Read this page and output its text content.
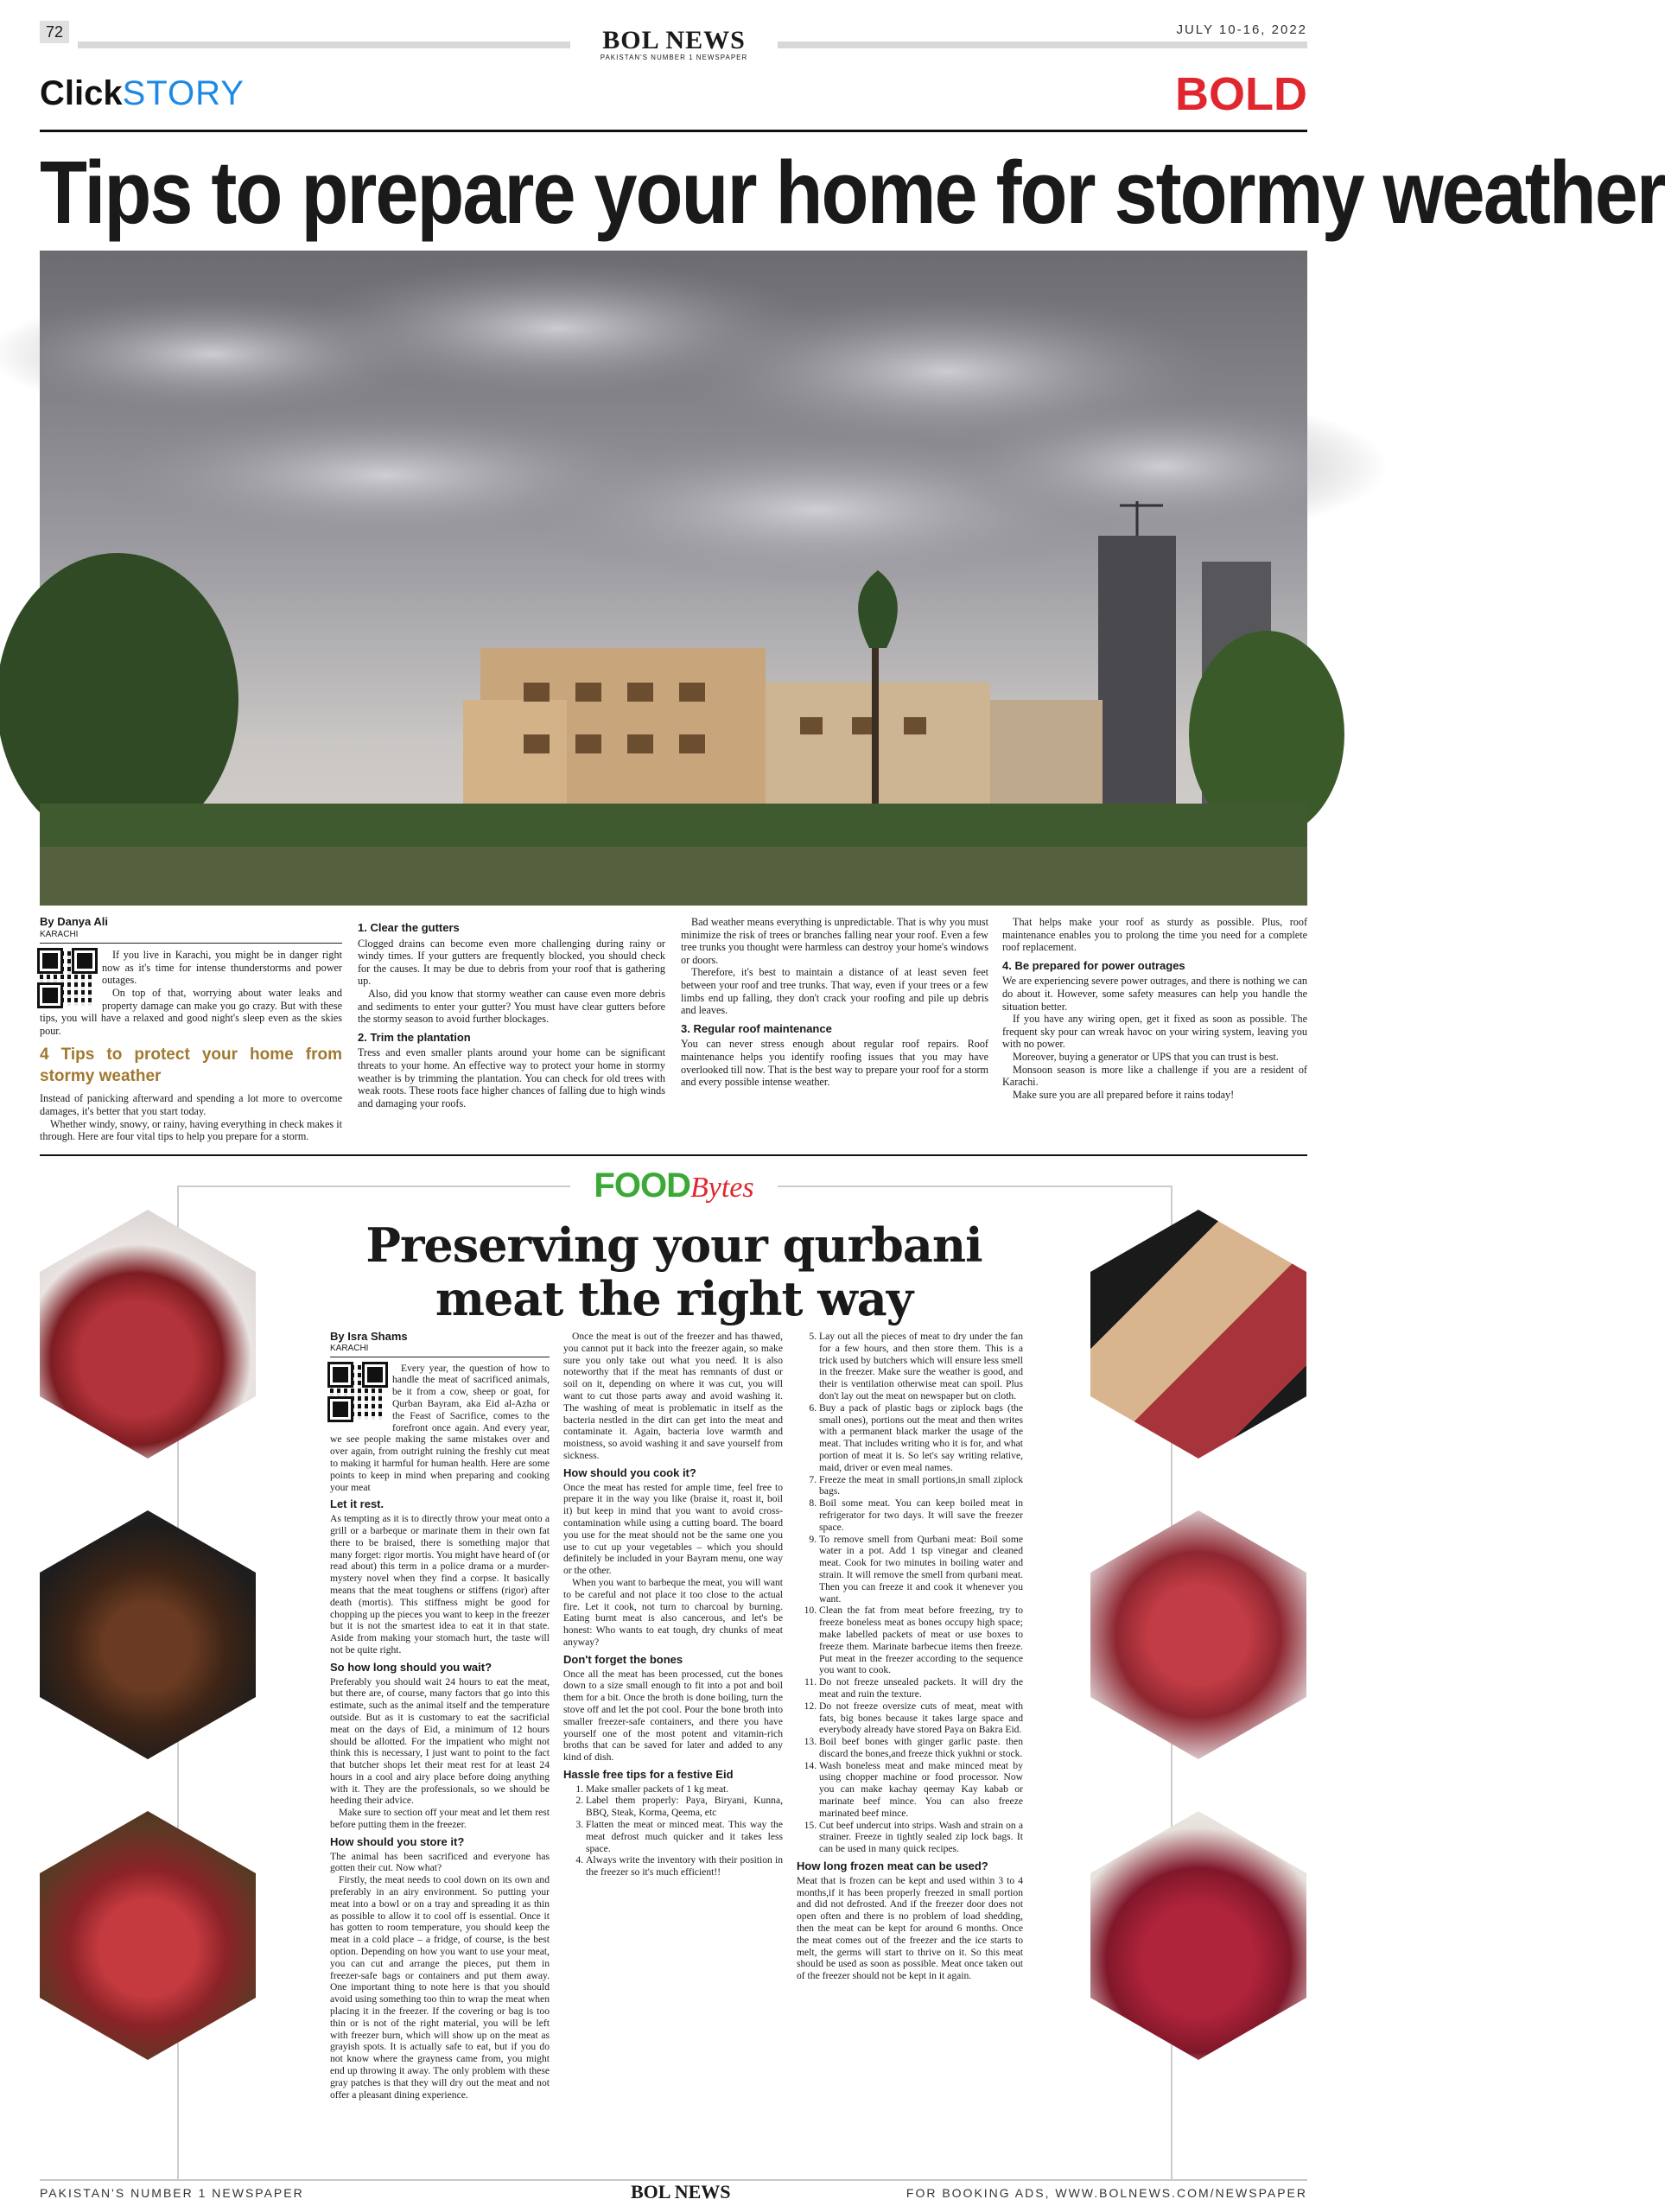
72	BOL NEWS
PAKISTAN'S NUMBER 1 NEWSPAPER
JULY 10-16, 2022
ClickSTORY	BOLD
Tips to prepare your home for stormy weather
By Danya Ali
KARACHI

If you live in Karachi, you might be in danger right now as it's time for intense thunderstorms and power outages.

On top of that, worrying about water leaks and property damage can make you go crazy. But with these tips, you will have a relaxed and good night's sleep even as the skies pour.

4 Tips to protect your home from stormy weather

Instead of panicking afterward and spending a lot more to overcome damages, it's better that you start today.

Whether windy, snowy, or rainy, having everything in check makes it through. Here are four vital tips to help you prepare for a storm.

1. Clear the gutters

Clogged drains can become even more challenging during rainy or windy times. If your gutters are frequently blocked, you should check for the causes. It may be due to debris from your roof that is gathering up.

Also, did you know that stormy weather can cause even more debris and sediments to enter your gutter? You must have clear gutters before the stormy season to avoid further blockages.

2. Trim the plantation

Tress and even smaller plants around your home can be significant threats to your home. An effective way to protect your home in stormy weather is by trimming the plantation. You can check for old trees with weak roots. These roots face higher chances of falling due to high winds and damaging your roofs.

Bad weather means everything is unpredictable. That is why you must minimize the risk of trees or branches falling near your roof. Even a few tree trunks you thought were harmless can destroy your home's windows or doors.

Therefore, it's best to maintain a distance of at least seven feet between your roof and tree trunks. That way, even if your trees or a few limbs end up falling, they don't crack your roofing and pile up debris and leaves.

3. Regular roof maintenance

You can never stress enough about regular roof repairs. Roof maintenance helps you identify roofing issues that you may have overlooked till now. That is the best way to prepare your roof for a storm and every possible intense weather.

That helps make your roof as sturdy as possible. Plus, roof maintenance enables you to prolong the time you need for a complete roof replacement.

4. Be prepared for power outrages

We are experiencing severe power outrages, and there is nothing we can do about it. However, some safety measures can help you handle the situation better.

If you have any wiring open, get it fixed as soon as possible. The frequent sky pour can wreak havoc on your wiring system, leaving you with no power.

Moreover, buying a generator or UPS that you can trust is best.

Monsoon season is more like a challenge if you are a resident of Karachi.

Make sure you are all prepared before it rains today!

FOODBytes
Preserving your qurbani
meat the right way
By Isra Shams
KARACHI

Every year, the question of how to handle the meat of sacrificed animals, be it from a cow, sheep or goat, for Qurban Bayram, aka Eid al-Azha or the Feast of Sacrifice, comes to the forefront once again. And every year, we see people making the same mistakes over and over again, from outright ruining the freshly cut meat to making it harmful for human health. Here are some points to keep in mind when preparing and cooking your meat

Let it rest.

As tempting as it is to directly throw your meat onto a grill or a barbeque or marinate them in their own fat there to be braised, there is something major that many forget: rigor mortis. You might have heard of (or read about) this term in a police drama or a murder-mystery novel when they find a corpse. It basically means that the meat toughens or stiffens (rigor) after death (mortis). This stiffness might be good for chopping up the pieces you want to keep in the freezer but it is not the smartest idea to eat it in that state. Aside from making your stomach hurt, the taste will not be quite right.

So how long should you wait?

Preferably you should wait 24 hours to eat the meat, but there are, of course, many factors that go into this estimate, such as the animal itself and the temperature outside. But as it is customary to eat the sacrificial meat on the days of Eid, a minimum of 12 hours should be allotted. For the impatient who might not think this is necessary, I just want to point to the fact that butcher shops let their meat rest for at least 24 hours in a cool and airy place before doing anything with it. They are the professionals, so we should be heeding their advice.

Make sure to section off your meat and let them rest before putting them in the freezer.

How should you store it?

The animal has been sacrificed and everyone has gotten their cut. Now what?

Firstly, the meat needs to cool down on its own and preferably in an airy environment. So putting your meat into a bowl or on a tray and spreading it as thin as possible to allow it to cool off is essential. Once it has gotten to room temperature, you should keep the meat in a cold place – a fridge, of course, is the best option. Depending on how you want to use your meat, you can cut and arrange the pieces, put them in freezer-safe bags or containers and put them away. One important thing to note here is that you should avoid using something too thin to wrap the meat when placing it in the freezer. If the covering or bag is too thin or is not of the right material, you will be left with freezer burn, which will show up on the meat as grayish spots. It is actually safe to eat, but if you do not know where the grayness came from, you might end up throwing it away. The only problem with these gray patches is that they will dry out the meat and not offer a pleasant dining experience.

Once the meat is out of the freezer and has thawed, you cannot put it back into the freezer again, so make sure you only take out what you need. It is also noteworthy that if the meat has remnants of dust or soil on it, depending on where it was cut, you will want to cut those parts away and avoid washing it. The washing of meat is problematic in itself as the bacteria nestled in the dirt can get into the meat and contaminate it. Again, bacteria love warmth and moistness, so avoid washing it and save yourself from sickness.

How should you cook it?

Once the meat has rested for ample time, feel free to prepare it in the way you like (braise it, roast it, boil it) but keep in mind that you want to avoid cross-contamination while using a cutting board. The board you use for the meat should not be the same one you use to cut up your vegetables – which you should definitely be included in your Bayram menu, one way or the other.

When you want to barbeque the meat, you will want to be careful and not place it too close to the actual fire. Let it cook, not turn to charcoal by burning. Eating burnt meat is also cancerous, and let's be honest: Who wants to eat tough, dry chunks of meat anyway?

Don't forget the bones

Once all the meat has been processed, cut the bones down to a size small enough to fit into a pot and boil them for a bit. Once the broth is done boiling, turn the stove off and let the pot cool. Pour the bone broth into smaller freezer-safe containers, and there you have yourself one of the most potent and vitamin-rich broths that can be saved for later and added to any kind of dish.

Hassle free tips for a festive Eid
1. Make smaller packets of 1 kg meat.
2. Label them properly: Paya, Biryani, Kunna, BBQ, Steak, Korma, Qeema, etc
3. Flatten the meat or minced meat. This way the meat defrost much quicker and it takes less space.
4. Always write the inventory with their position in the freezer so it's much efficient!!
5. Lay out all the pieces of meat to dry under the fan for a few hours, and then store them. This is a trick used by butchers which will ensure less smell in the freezer. Make sure the weather is good, and their is ventilation otherwise meat can spoil. Plus don't lay out the meat on newspaper but on cloth.
6. Buy a pack of plastic bags or ziplock bags (the small ones), portions out the meat and then writes with a permanent black marker the usage of the meat. That includes writing who it is for, and what portion of meat it is. So let's say writing relative, maid, driver or even meal names.
7. Freeze the meat in small portions,in small ziplock bags.
8. Boil some meat. You can keep boiled meat in refrigerator for two days. It will save the freezer space.
9. To remove smell from Qurbani meat: Boil some water in a pot. Add 1 tsp vinegar and cleaned meat. Cook for two minutes in boiling water and strain. It will remove the smell from qurbani meat. Then you can freeze it and cook it whenever you want.
10. Clean the fat from meat before freezing, try to freeze boneless meat as bones occupy high space; make labelled packets of meat or use boxes to freeze them. Marinate barbecue items then freeze. Put meat in the freezer according to the sequence you want to cook.
11. Do not freeze unsealed packets. It will dry the meat and ruin the texture.
12. Do not freeze oversize cuts of meat, meat with fats, big bones because it takes large space and everybody already have stored Paya on Bakra Eid.
13. Boil beef bones with ginger garlic paste. then discard the bones,and freeze thick yukhni or stock.
14. Wash boneless meat and make minced meat by using chopper machine or food processor. Now you can make kachay qeemay Kay kabab or marinate beef mince. You can also freeze marinated beef mince.
15. Cut beef undercut into strips. Wash and strain on a strainer. Freeze in tightly sealed zip lock bags. It can be used in many quick recipes.
How long frozen meat can be used?

Meat that is frozen can be kept and used within 3 to 4 months,if it has been properly freezed in small portion and did not defrosted. And if the freezer door does not open often and there is no problem of load shedding, then the meat can be kept for around 6 months. Once the meat comes out of the freezer and the ice starts to melt, the germs will start to thrive on it. So this meat should be used as soon as possible. Meat once taken out of the freezer should not be kept in it again.

PAKISTAN'S NUMBER 1 NEWSPAPER	BOL NEWS	FOR BOOKING ADS, WWW.BOLNEWS.COM/NEWSPAPER
